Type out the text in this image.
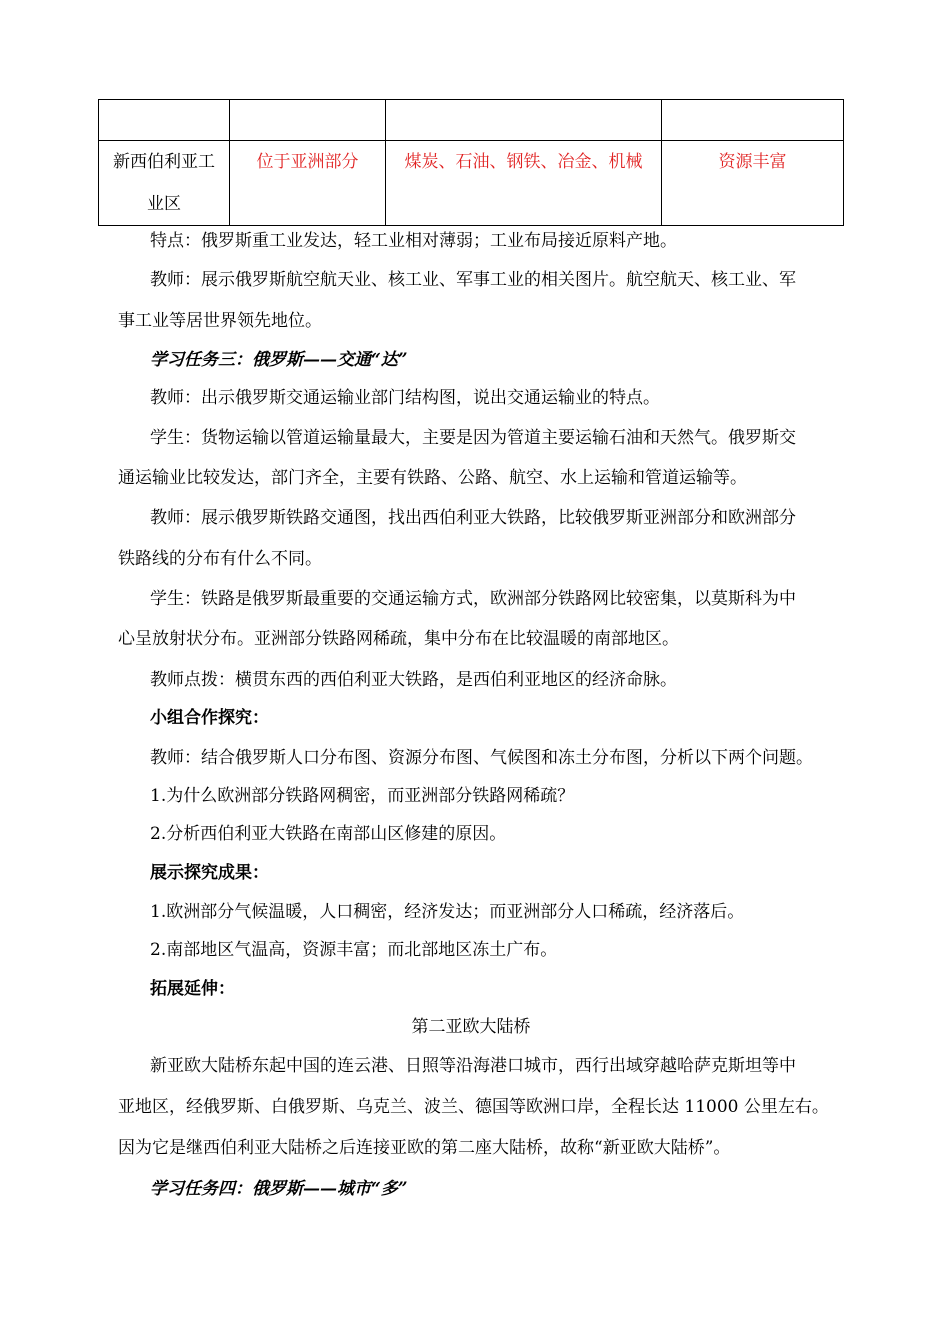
新西伯利亚工
业区	位于亚洲部分	煤炭、石油、钢铁、冶金、机械	资源丰富

特点：俄罗斯重工业发达，轻工业相对薄弱；工业布局接近原料产地。

教师：展示俄罗斯航空航天业、核工业、军事工业的相关图片。航空航天、核工业、军

事工业等居世界领先地位。

学习任务三：俄罗斯——交通“达”

教师：出示俄罗斯交通运输业部门结构图，说出交通运输业的特点。

学生：货物运输以管道运输量最大，主要是因为管道主要运输石油和天然气。俄罗斯交

通运输业比较发达，部门齐全，主要有铁路、公路、航空、水上运输和管道运输等。

教师：展示俄罗斯铁路交通图，找出西伯利亚大铁路，比较俄罗斯亚洲部分和欧洲部分

铁路线的分布有什么不同。

学生：铁路是俄罗斯最重要的交通运输方式，欧洲部分铁路网比较密集，以莫斯科为中

心呈放射状分布。亚洲部分铁路网稀疏，集中分布在比较温暖的南部地区。

教师点拨：横贯东西的西伯利亚大铁路，是西伯利亚地区的经济命脉。

小组合作探究：

教师：结合俄罗斯人口分布图、资源分布图、气候图和冻土分布图，分析以下两个问题。

1.为什么欧洲部分铁路网稠密，而亚洲部分铁路网稀疏？

2.分析西伯利亚大铁路在南部山区修建的原因。

展示探究成果：

1.欧洲部分气候温暖，人口稠密，经济发达；而亚洲部分人口稀疏，经济落后。

2.南部地区气温高，资源丰富；而北部地区冻土广布。

拓展延伸：

第二亚欧大陆桥

新亚欧大陆桥东起中国的连云港、日照等沿海港口城市，西行出域穿越哈萨克斯坦等中

亚地区，经俄罗斯、白俄罗斯、乌克兰、波兰、德国等欧洲口岸，全程长达 11000 公里左右。

因为它是继西伯利亚大陆桥之后连接亚欧的第二座大陆桥，故称“新亚欧大陆桥”。

学习任务四：俄罗斯——城市“多”
